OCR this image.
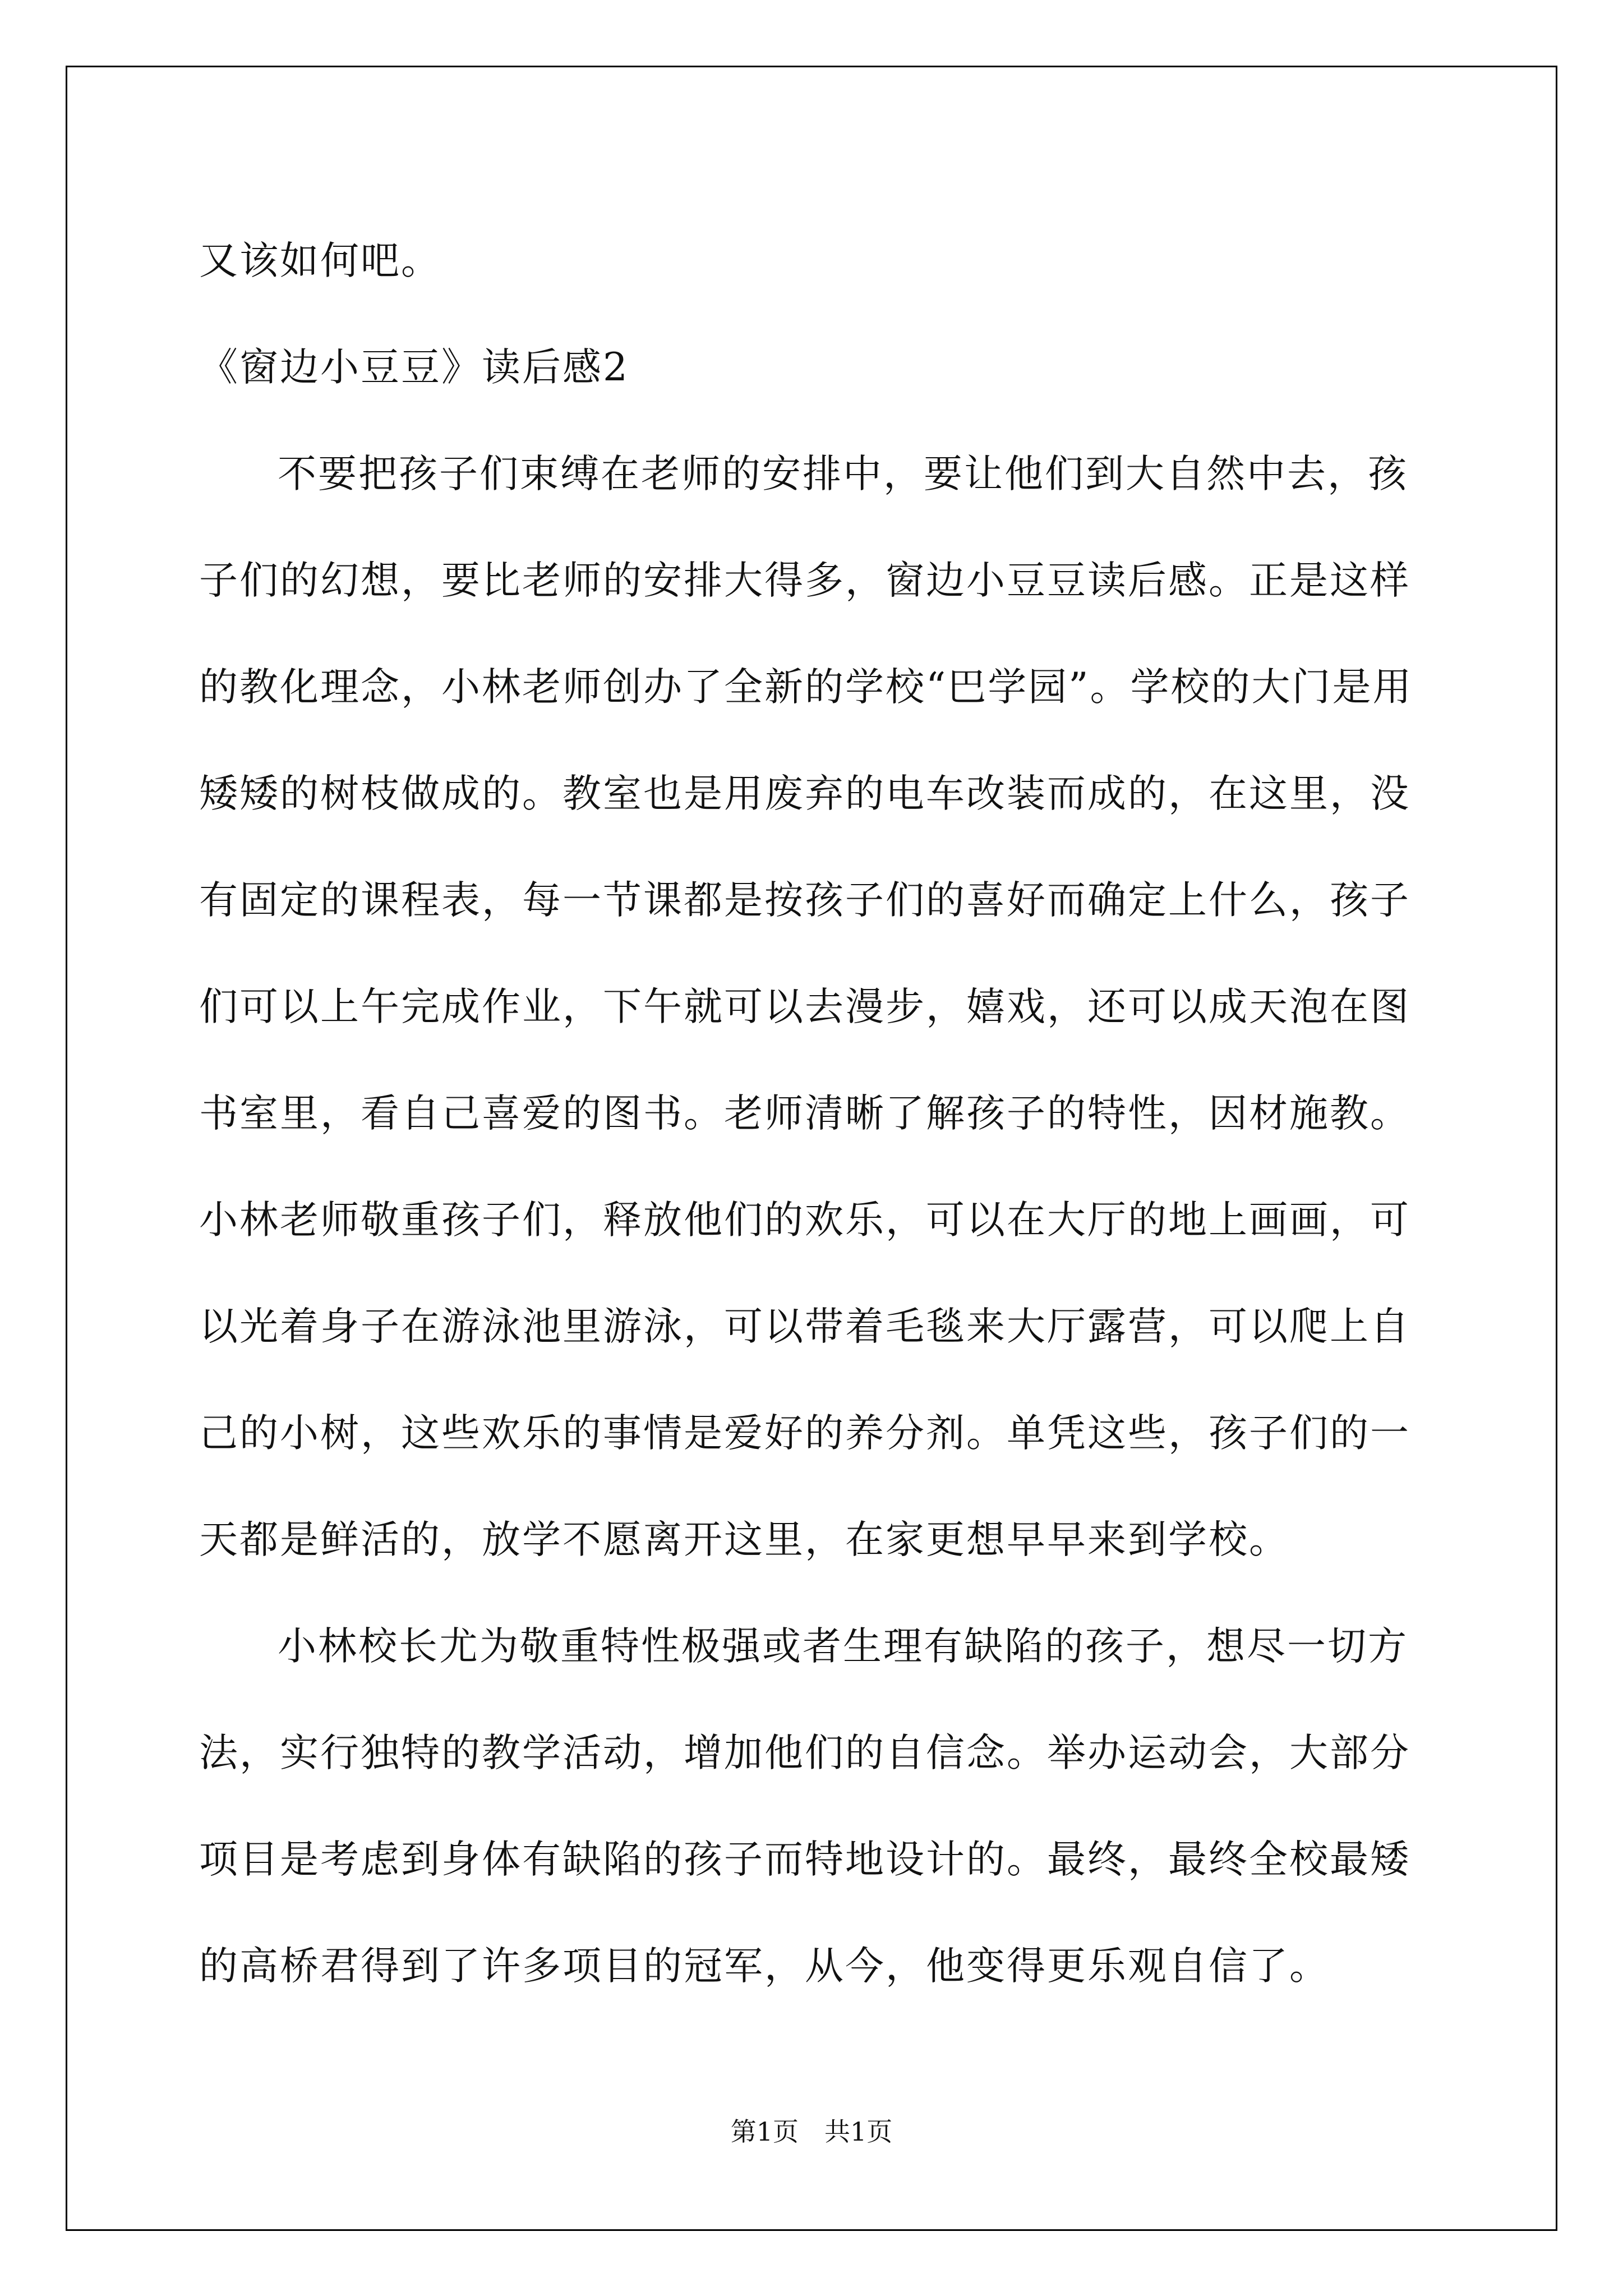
又该如何吧。
《窗边小豆豆》读后感2
不要把孩子们束缚在老师的安排中，要让他们到大自然中去，孩
子们的幻想，要比老师的安排大得多，窗边小豆豆读后感。正是这样
的教化理念，小林老师创办了全新的学校“巴学园”。学校的大门是用
矮矮的树枝做成的。教室也是用废弃的电车改装而成的，在这里，没
有固定的课程表，每一节课都是按孩子们的喜好而确定上什么，孩子
们可以上午完成作业，下午就可以去漫步，嬉戏，还可以成天泡在图
书室里，看自己喜爱的图书。老师清晰了解孩子的特性，因材施教。
小林老师敬重孩子们，释放他们的欢乐，可以在大厅的地上画画，可
以光着身子在游泳池里游泳，可以带着毛毯来大厅露营，可以爬上自
己的小树，这些欢乐的事情是爱好的养分剂。单凭这些，孩子们的一
天都是鲜活的，放学不愿离开这里，在家更想早早来到学校。
小林校长尤为敬重特性极强或者生理有缺陷的孩子，想尽一切方
法，实行独特的教学活动，增加他们的自信念。举办运动会，大部分
项目是考虑到身体有缺陷的孩子而特地设计的。最终，最终全校最矮
的高桥君得到了许多项目的冠军，从今，他变得更乐观自信了。
第1页　共1页
